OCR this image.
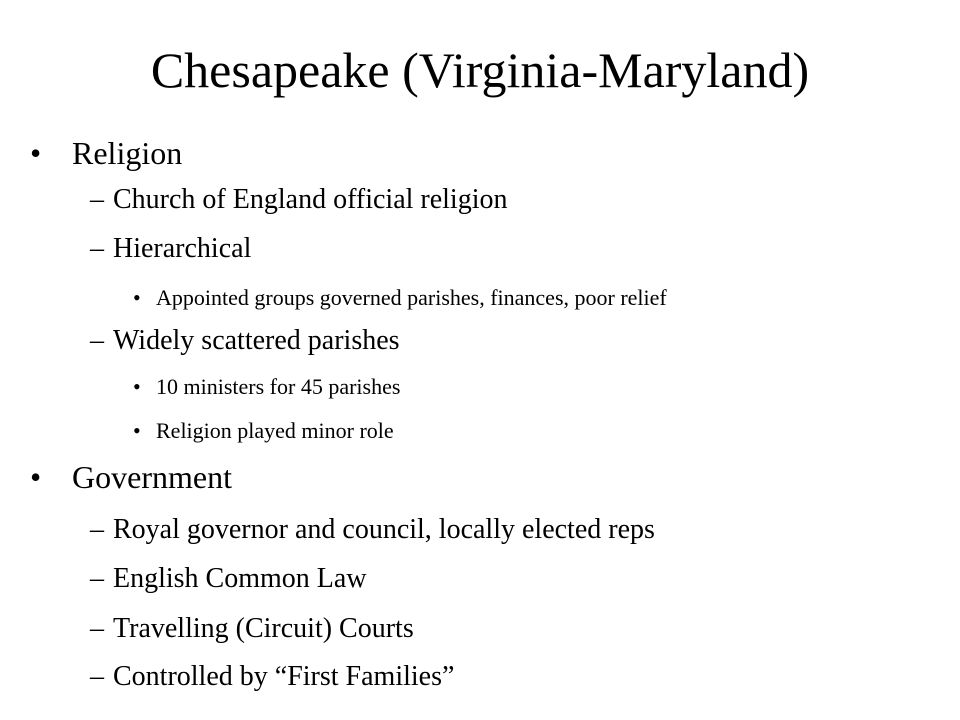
Chesapeake (Virginia-Maryland)
• Religion
– Church of England official religion
– Hierarchical
• Appointed groups governed parishes, finances, poor relief
– Widely scattered parishes
• 10 ministers for 45 parishes
• Religion played minor role
• Government
– Royal governor and council, locally elected reps
– English Common Law
– Travelling (Circuit) Courts
– Controlled by “First Families”
